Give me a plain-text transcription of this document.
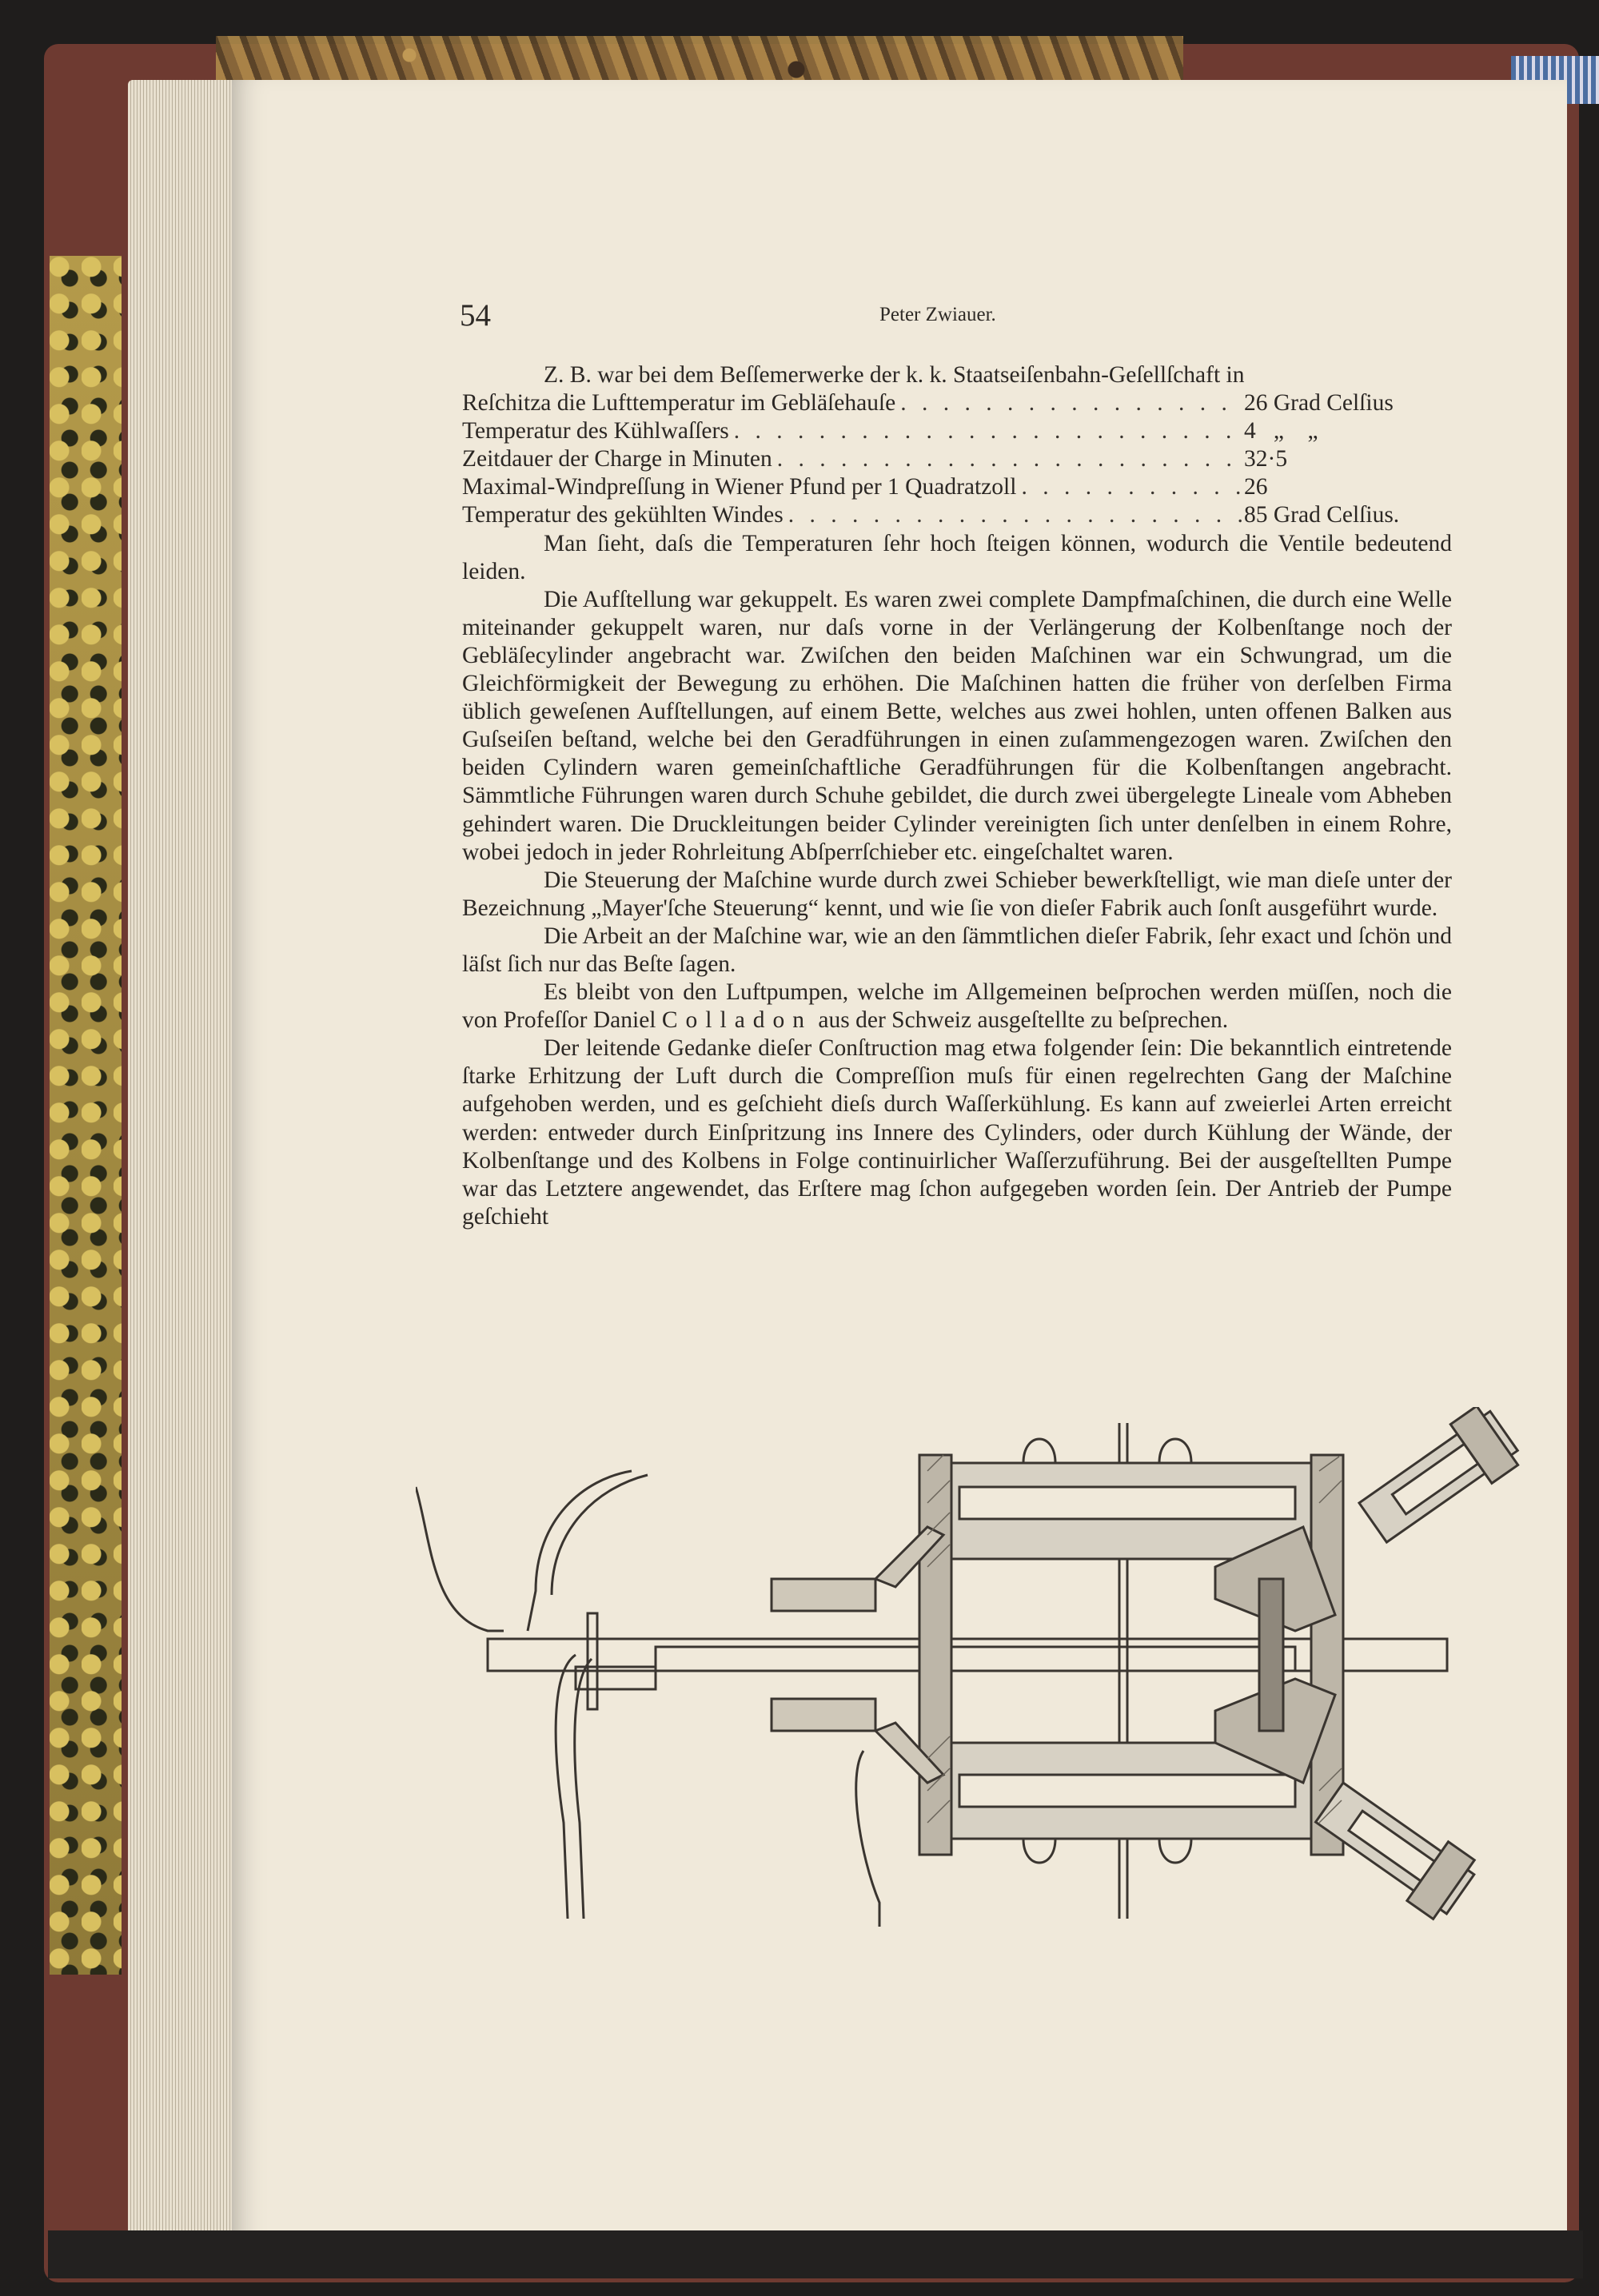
54	Peter Zwiauer.

Z. B. war bei dem Beſſemerwerke der k. k. Staatseiſenbahn-Geſellſchaft in

Reſchitza die Lufttemperatur im Gebläſehauſe . . .	26 Grad Celſius
Temperatur des Kühlwaſſers . . .	4   „    „
Zeitdauer der Charge in Minuten . . .	32·5
Maximal-Windpreſſung in Wiener Pfund per 1 Quadratzoll . . .	26
Temperatur des gekühlten Windes . . .	85 Grad Celſius.

Man ſieht, daſs die Temperaturen ſehr hoch ſteigen können, wodurch die Ventile bedeutend leiden.

Die Aufſtellung war gekuppelt. Es waren zwei complete Dampfmaſchinen, die durch eine Welle miteinander gekuppelt waren, nur daſs vorne in der Verlängerung der Kolbenſtange noch der Gebläſecylinder angebracht war. Zwiſchen den beiden Maſchinen war ein Schwungrad, um die Gleichförmigkeit der Bewegung zu erhöhen. Die Maſchinen hatten die früher von derſelben Firma üblich geweſenen Aufſtellungen, auf einem Bette, welches aus zwei hohlen, unten offenen Balken aus Guſseiſen beſtand, welche bei den Geradführungen in einen zuſammengezogen waren. Zwiſchen den beiden Cylindern waren gemeinſchaftliche Geradführungen für die Kolbenſtangen angebracht. Sämmtliche Führungen waren durch Schuhe gebildet, die durch zwei übergelegte Lineale vom Abheben gehindert waren. Die Druckleitungen beider Cylinder vereinigten ſich unter denſelben in einem Rohre, wobei jedoch in jeder Rohrleitung Abſperrſchieber etc. eingeſchaltet waren.

Die Steuerung der Maſchine wurde durch zwei Schieber bewerkſtelligt, wie man dieſe unter der Bezeichnung „Mayer'ſche Steuerung“ kennt, und wie ſie von dieſer Fabrik auch ſonſt ausgeführt wurde.

Die Arbeit an der Maſchine war, wie an den ſämmtlichen dieſer Fabrik, ſehr exact und ſchön und läſst ſich nur das Beſte ſagen.

Es bleibt von den Luftpumpen, welche im Allgemeinen beſprochen werden müſſen, noch die von Profeſſor Daniel Colladon aus der Schweiz ausgeſtellte zu beſprechen.

Der leitende Gedanke dieſer Conſtruction mag etwa folgender ſein: Die bekanntlich eintretende ſtarke Erhitzung der Luft durch die Compreſſion muſs für einen regelrechten Gang der Maſchine aufgehoben werden, und es geſchieht dieſs durch Waſſerkühlung. Es kann auf zweierlei Arten erreicht werden: entweder durch Einſpritzung ins Innere des Cylinders, oder durch Kühlung der Wände, der Kolbenſtange und des Kolbens in Folge continuirlicher Waſſerzuführung. Bei der ausgeſtellten Pumpe war das Letztere angewendet, das Erſtere mag ſchon aufgegeben worden ſein. Der Antrieb der Pumpe geſchieht
